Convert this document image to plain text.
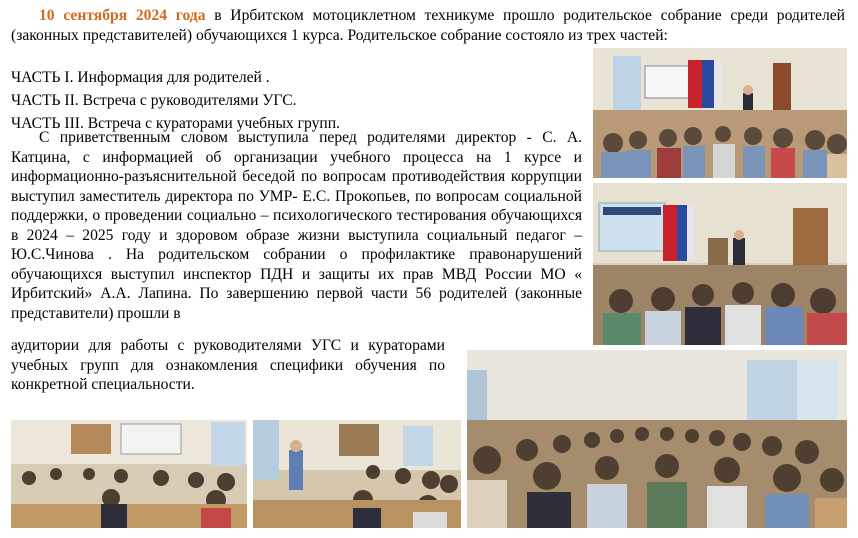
10 сентября 2024 года в Ирбитском мотоциклетном техникуме прошло родительское собрание среди родителей (законных представителей) обучающихся 1 курса. Родительское собрание состояло из трех частей:

ЧАСТЬ I. Информация для родителей .
ЧАСТЬ II. Встреча с руководителями УГС.
ЧАСТЬ III. Встреча с кураторами учебных групп.

С приветственным словом выступила перед родителями директор - С. А. Катцина, с информацией об организации учебного процесса на 1 курсе и информационно-разъяснительной беседой по вопросам противодействия коррупции выступил заместитель директора по УМР- Е.С. Прокопьев, по вопросам социальной поддержки, о проведении социально – психологического тестирования обучающихся в 2024 – 2025 году и здоровом образе жизни выступила социальный педагог – Ю.С.Чинова . На родительском собрании о профилактике правонарушений обучающихся выступил инспектор ПДН и защиты их прав МВД России МО « Ирбитский» А.А. Лапина. По завершению первой части 56 родителей (законные представители) прошли в

аудитории для работы с руководителями УГС и кураторами учебных групп для ознакомления специфики обучения по конкретной специальности.
